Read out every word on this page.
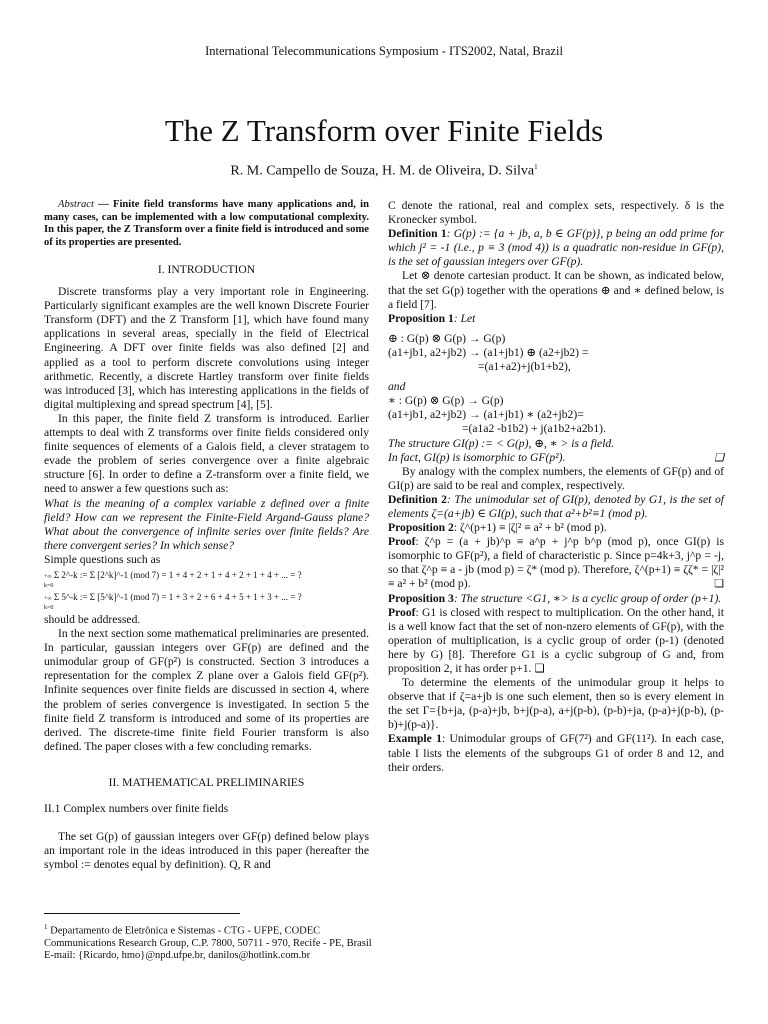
International Telecommunications Symposium - ITS2002, Natal, Brazil
The Z Transform over Finite Fields
R. M. Campello de Souza, H. M. de Oliveira, D. Silva$^1$

Abstract — Finite field transforms have many applications and, in many cases, can be implemented with a low computational complexity. In this paper, the Z Transform over a finite field is introduced and some of its properties are presented.

I. INTRODUCTION

Discrete transforms play a very important role in Engineering. Particularly significant examples are the well known Discrete Fourier Transform (DFT) and the Z Transform [1], which have found many applications in several areas, specially in the field of Electrical Engineering. A DFT over finite fields was also defined [2] and applied as a tool to perform discrete convolutions using integer arithmetic. Recently, a discrete Hartley transform over finite fields was introduced [3], which has interesting applications in the fields of digital multiplexing and spread spectrum [4], [5].

In this paper, the finite field Z transform is introduced. Earlier attempts to deal with Z transforms over finite fields considered only finite sequences of elements of a Galois field, a clever stratagem to evade the problem of series convergence over a finite algebraic structure [6]. In order to define a Z-transform over a finite field, we need to answer a few questions such as:

What is the meaning of a complex variable z defined over a finite field? How can we represent the Finite-Field Argand-Gauss plane? What about the convergence of infinite series over finite fields? Are there convergent series? In which sense?

Simple questions such as

+∞ Σ 2^-k := Σ [2^k]^-1 (mod 7) = 1 + 4 + 2 + 1 + 4 + 2 + 1 + 4 + ... = ?
k=0
+∞ Σ 5^-k := Σ [5^k]^-1 (mod 7) = 1 + 3 + 2 + 6 + 4 + 5 + 1 + 3 + ... = ?
k=0

should be addressed.

In the next section some mathematical preliminaries are presented. In particular, gaussian integers over GF(p) are defined and the unimodular group of GF(p²) is constructed. Section 3 introduces a representation for the complex Z plane over a Galois field GF(p²). Infinite sequences over finite fields are discussed in section 4, where the problem of series convergence is investigated. In section 5 the finite field Z transform is introduced and some of its properties are derived. The discrete-time finite field Fourier transform is also defined. The paper closes with a few concluding remarks.

II. MATHEMATICAL PRELIMINARIES
II.1 Complex numbers over finite fields

The set G(p) of gaussian integers over GF(p) defined below plays an important role in the ideas introduced in this paper (hereafter the symbol := denotes equal by definition). Q, R and

$^1$ Departamento de Eletrônica e Sistemas - CTG - UFPE, CODEC Communications Research Group, C.P. 7800, 50711 - 970, Recife - PE, Brasil E-mail: {Ricardo, hmo}@npd.ufpe.br, danilos@hotlink.com.br

C denote the rational, real and complex sets, respectively. δ is the Kronecker symbol.

Definition 1: G(p) := {a + jb, a, b ∈ GF(p)}, p being an odd prime for which j² = -1 (i.e., p ≡ 3 (mod 4)) is a quadratic non-residue in GF(p), is the set of gaussian integers over GF(p).

Let ⊗ denote cartesian product. It can be shown, as indicated below, that the set G(p) together with the operations ⊕ and ∗ defined below, is a field [7].

Proposition 1: Let

⊕ : G(p) ⊗ G(p) → G(p)
(a1+jb1, a2+jb2) → (a1+jb1) ⊕ (a2+jb2) =
=(a1+a2)+j(b1+b2),
and
∗ : G(p) ⊗ G(p) → G(p)
(a1+jb1, a2+jb2) → (a1+jb1) ∗ (a2+jb2)=
=(a1a2 -b1b2) + j(a1b2+a2b1).
The structure GI(p) := < G(p), ⊕, ∗ > is a field.
In fact, GI(p) is isomorphic to GF(p²).	❏

By analogy with the complex numbers, the elements of GF(p) and of GI(p) are said to be real and complex, respectively.

Definition 2: The unimodular set of GI(p), denoted by G1, is the set of elements ζ=(a+jb) ∈ GI(p), such that a²+b²≡1 (mod p).

Proposition 2: ζ^(p+1) ≡ |ζ|² ≡ a² + b² (mod p).

Proof: ζ^p = (a + jb)^p ≡ a^p + j^p b^p (mod p), once GI(p) is isomorphic to GF(p²), a field of characteristic p. Since p=4k+3, j^p = -j, so that ζ^p ≡ a - jb (mod p) = ζ* (mod p). Therefore, ζ^(p+1) ≡ ζζ* = |ζ|² ≡ a² + b² (mod p).	❏

Proposition 3: The structure <G1, ∗> is a cyclic group of order (p+1).

Proof: G1 is closed with respect to multiplication. On the other hand, it is a well know fact that the set of non-nzero elements of GF(p), with the operation of multiplication, is a cyclic group of order (p-1) (denoted here by G) [8]. Therefore G1 is a cyclic subgroup of G and, from proposition 2, it has order p+1. ❏

To determine the elements of the unimodular group it helps to observe that if ζ=a+jb is one such element, then so is every element in the set Γ={b+ja, (p-a)+jb, b+j(p-a), a+j(p-b), (p-b)+ja, (p-a)+j(p-b), (p-b)+j(p-a)}.

Example 1: Unimodular groups of GF(7²) and GF(11²). In each case, table I lists the elements of the subgroups G1 of order 8 and 12, and their orders.
